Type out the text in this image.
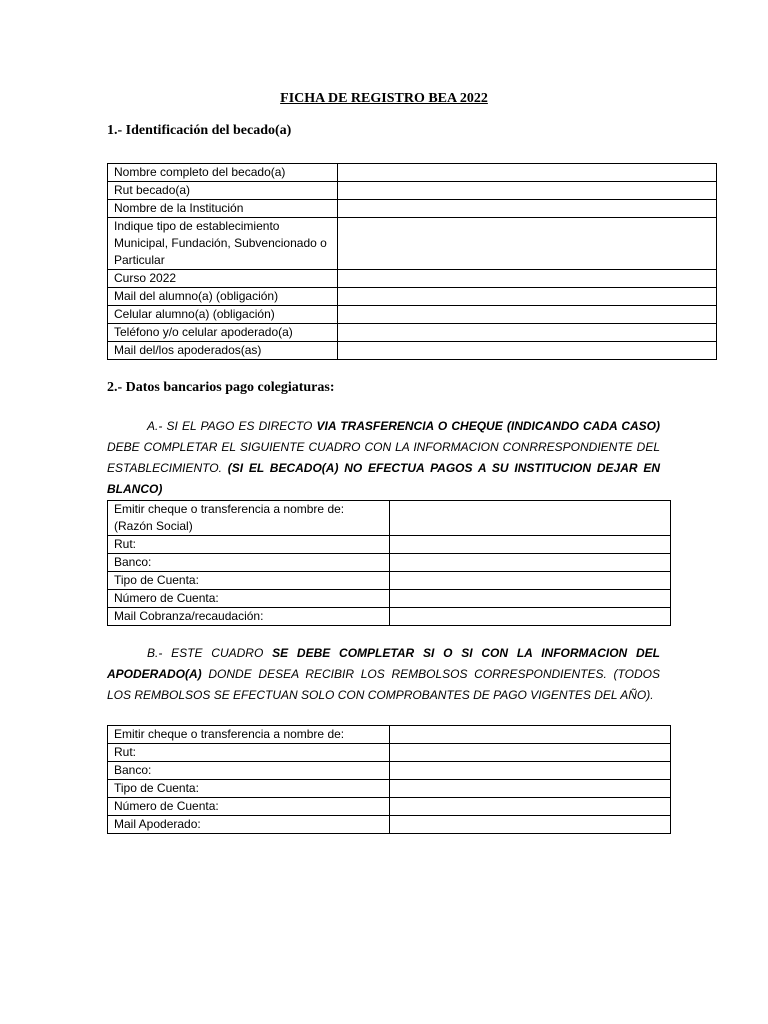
FICHA DE REGISTRO BEA 2022
1.- Identificación del becado(a)
Nombre completo del becado(a)	
Rut becado(a)	
Nombre de la Institución	
Indique tipo de establecimiento Municipal, Fundación, Subvencionado o Particular	
Curso 2022	
Mail del alumno(a) (obligación)	
Celular alumno(a) (obligación)	
Teléfono y/o celular apoderado(a)	
Mail del/los apoderados(as)	
2.- Datos bancarios pago colegiaturas:
A.- SI EL PAGO ES DIRECTO VIA TRASFERENCIA O CHEQUE (INDICANDO CADA CASO) DEBE COMPLETAR EL SIGUIENTE CUADRO CON LA INFORMACION CONRRESPONDIENTE DEL ESTABLECIMIENTO. (SI EL BECADO(A) NO EFECTUA PAGOS A SU INSTITUCION DEJAR EN BLANCO)
Emitir cheque o transferencia a nombre de: (Razón Social)	
Rut:	
Banco:	
Tipo de Cuenta:	
Número de Cuenta:	
Mail Cobranza/recaudación:	
B.- ESTE CUADRO SE DEBE COMPLETAR SI O SI CON LA INFORMACION DEL APODERADO(A) DONDE DESEA RECIBIR LOS REMBOLSOS CORRESPONDIENTES. (TODOS LOS REMBOLSOS SE EFECTUAN SOLO CON COMPROBANTES DE PAGO VIGENTES DEL AÑO).
Emitir cheque o transferencia a nombre de:	
Rut:	
Banco:	
Tipo de Cuenta:	
Número de Cuenta:	
Mail Apoderado:	
